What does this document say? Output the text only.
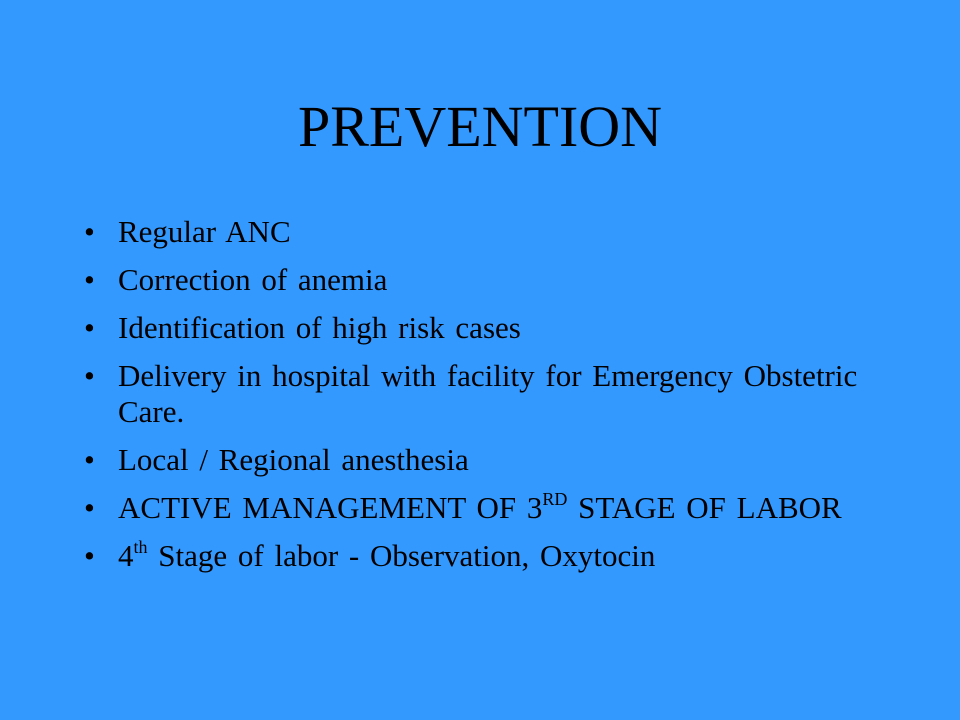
PREVENTION
• Regular ANC
• Correction of anemia
• Identification of high risk cases
• Delivery in hospital with facility for Emergency Obstetric Care.
• Local / Regional anesthesia
• ACTIVE MANAGEMENT OF 3RD STAGE OF LABOR
• 4th Stage of labor - Observation, Oxytocin
